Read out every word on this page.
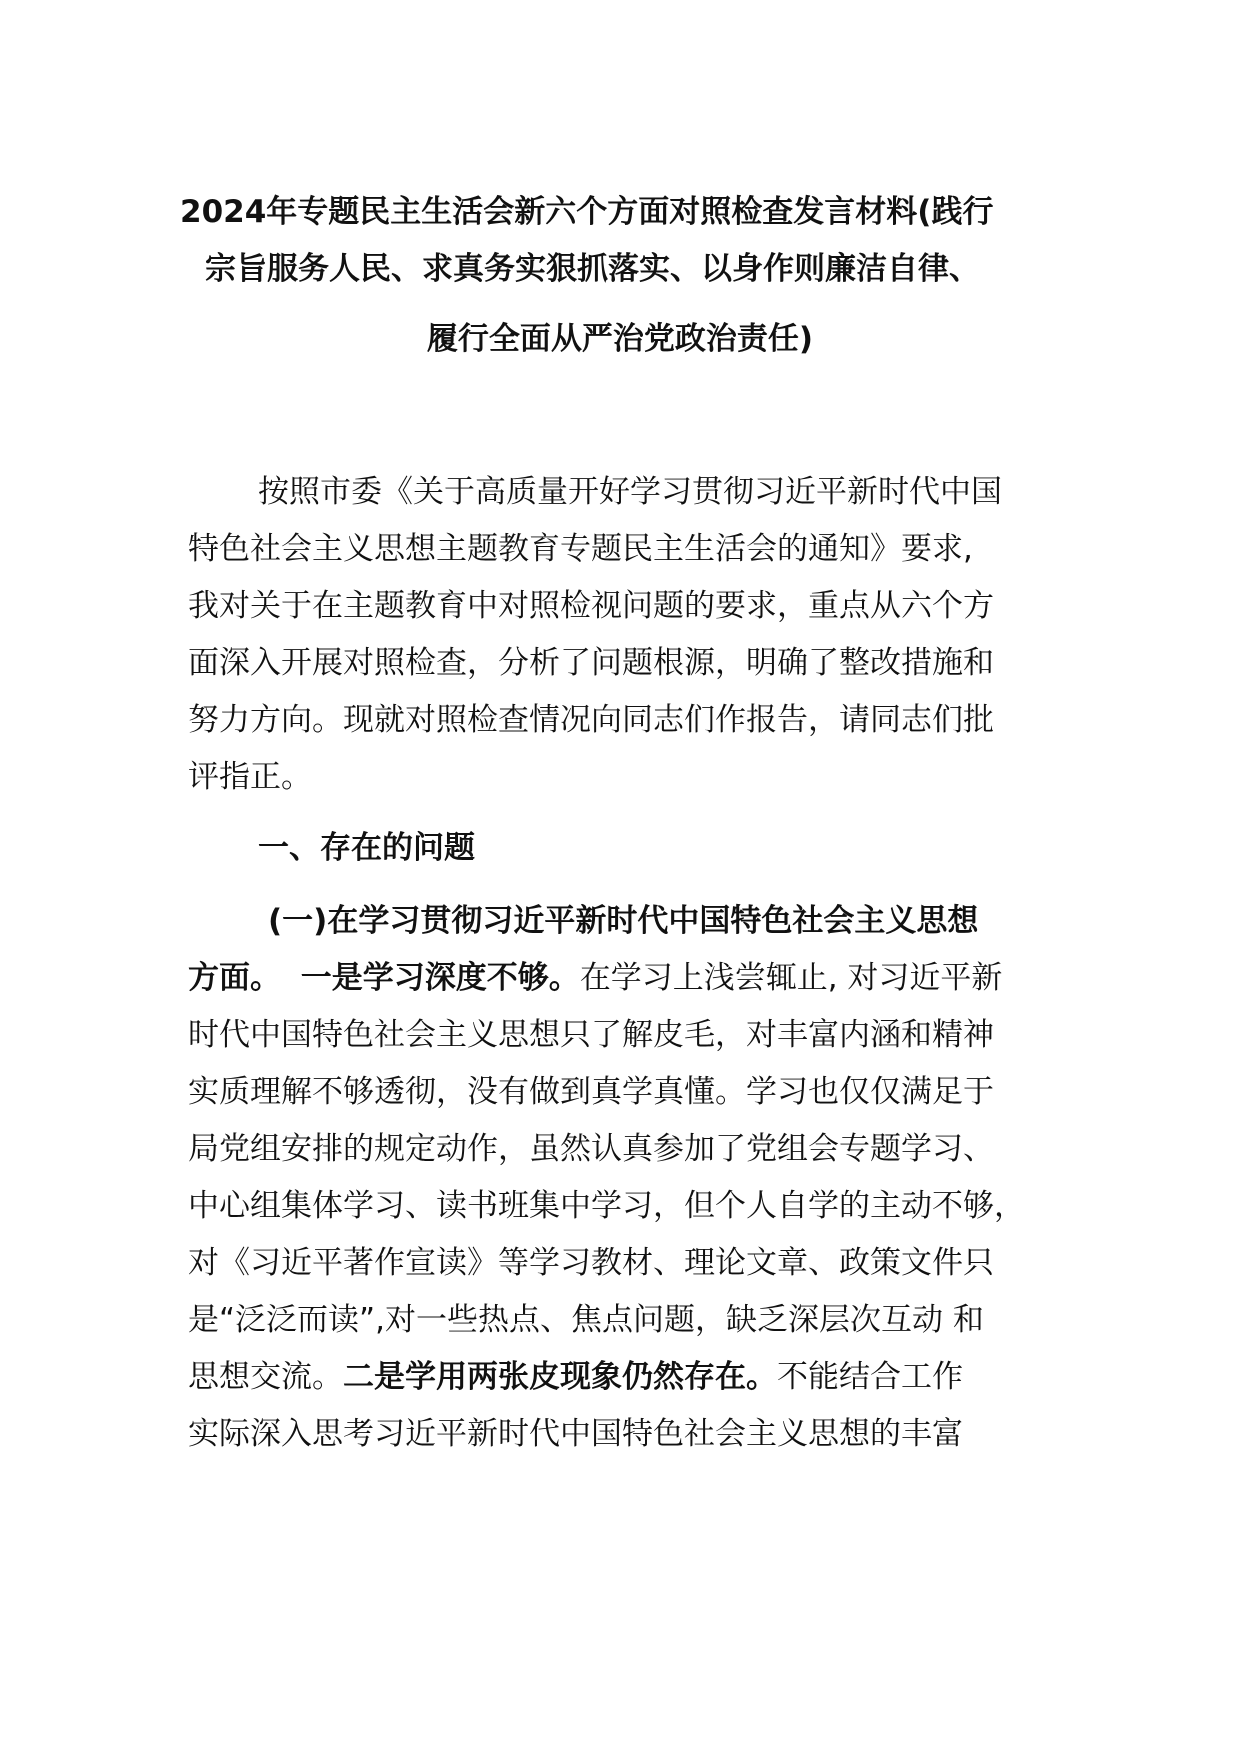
2024年专题民主生活会新六个方面对照检查发言材料(践行
宗旨服务人民、求真务实狠抓落实、以身作则廉洁自律、
履行全面从严治党政治责任)
按照市委《关于高质量开好学习贯彻习近平新时代中国
特色社会主义思想主题教育专题民主生活会的通知》要求,
我对关于在主题教育中对照检视问题的要求，重点从六个方
面深入开展对照检查，分析了问题根源，明确了整改措施和
努力方向。现就对照检查情况向同志们作报告，请同志们批
评指正。
一、存在的问题
(一)在学习贯彻习近平新时代中国特色社会主义思想
方面。 一是学习深度不够。在学习上浅尝辄止, 对习近平新
时代中国特色社会主义思想只了解皮毛，对丰富内涵和精神
实质理解不够透彻，没有做到真学真懂。学习也仅仅满足于
局党组安排的规定动作，虽然认真参加了党组会专题学习、
中心组集体学习、读书班集中学习，但个人自学的主动不够，
对《习近平著作宣读》等学习教材、理论文章、政策文件只
是“泛泛而读”,对一些热点、焦点问题，缺乏深层次互动 和
思想交流。二是学用两张皮现象仍然存在。不能结合工作
实际深入思考习近平新时代中国特色社会主义思想的丰富
